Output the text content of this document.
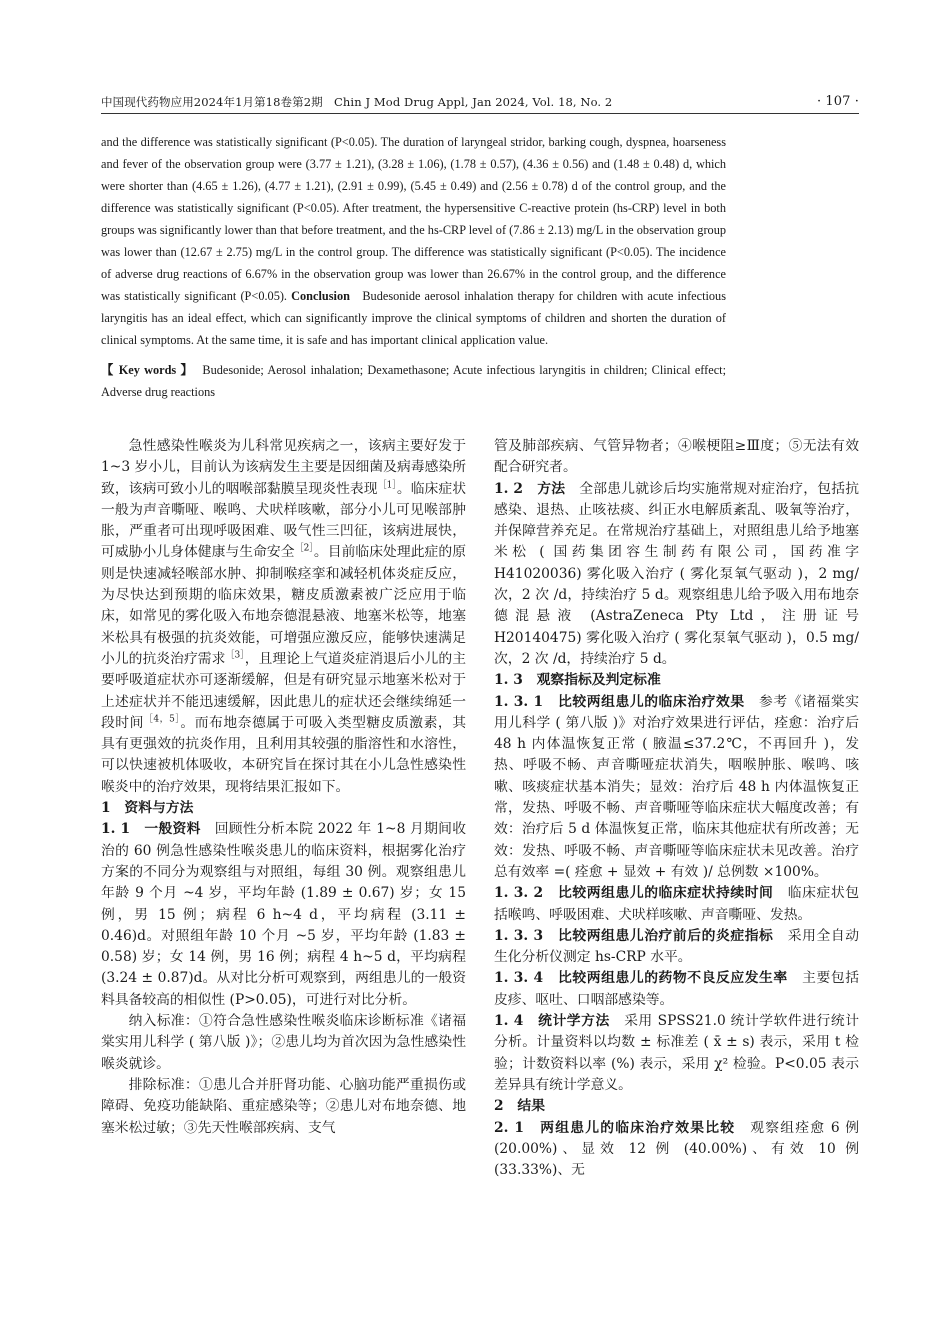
中国现代药物应用2024年1月第18卷第2期 Chin J Mod Drug Appl, Jan 2024, Vol. 18, No. 2	· 107 ·

and the difference was statistically significant (P<0.05). The duration of laryngeal stridor, barking cough, dyspnea, hoarseness and fever of the observation group were (3.77 ± 1.21), (3.28 ± 1.06), (1.78 ± 0.57), (4.36 ± 0.56) and (1.48 ± 0.48) d, which were shorter than (4.65 ± 1.26), (4.77 ± 1.21), (2.91 ± 0.99), (5.45 ± 0.49) and (2.56 ± 0.78) d of the control group, and the difference was statistically significant (P<0.05). After treatment, the hypersensitive C-reactive protein (hs-CRP) level in both groups was significantly lower than that before treatment, and the hs-CRP level of (7.86 ± 2.13) mg/L in the observation group was lower than (12.67 ± 2.75) mg/L in the control group. The difference was statistically significant (P<0.05). The incidence of adverse drug reactions of 6.67% in the observation group was lower than 26.67% in the control group, and the difference was statistically significant (P<0.05). Conclusion Budesonide aerosol inhalation therapy for children with acute infectious laryngitis has an ideal effect, which can significantly improve the clinical symptoms of children and shorten the duration of clinical symptoms. At the same time, it is safe and has important clinical application value.

【 Key words 】 Budesonide; Aerosol inhalation; Dexamethasone; Acute infectious laryngitis in children; Clinical effect; Adverse drug reactions

急性感染性喉炎为儿科常见疾病之一，该病主要好发于 1~3 岁小儿，目前认为该病发生主要是因细菌及病毒感染所致，该病可致小儿的咽喉部黏膜呈现炎性表现$^{[1]}$。临床症状一般为声音嘶哑、喉鸣、犬吠样咳嗽，部分小儿可见喉部肿胀，严重者可出现呼吸困难、吸气性三凹征，该病进展快，可威胁小儿身体健康与生命安全$^{[2]}$。目前临床处理此症的原则是快速减轻喉部水肿、抑制喉痉挛和减轻机体炎症反应，为尽快达到预期的临床效果，糖皮质激素被广泛应用于临床，如常见的雾化吸入布地奈德混悬液、地塞米松等，地塞米松具有极强的抗炎效能，可增强应激反应，能够快速满足小儿的抗炎治疗需求$^{[3]}$，且理论上气道炎症消退后小儿的主要呼吸道症状亦可逐渐缓解，但是有研究显示地塞米松对于上述症状并不能迅速缓解，因此患儿的症状还会继续绵延一段时间$^{[4,5]}$。而布地奈德属于可吸入类型糖皮质激素，其具有更强效的抗炎作用，且利用其较强的脂溶性和水溶性，可以快速被机体吸收，本研究旨在探讨其在小儿急性感染性喉炎中的治疗效果，现将结果汇报如下。

1　资料与方法

1. 1　一般资料　回顾性分析本院 2022 年 1~8 月期间收治的 60 例急性感染性喉炎患儿的临床资料，根据雾化治疗方案的不同分为观察组与对照组，每组 30 例。观察组患儿年龄 9 个月 ~4 岁，平均年龄 (1.89 ± 0.67) 岁；女 15 例，男 15 例；病程 6 h~4 d，平均病程 (3.11 ± 0.46)d。对照组年龄 10 个月 ~5 岁，平均年龄 (1.83 ± 0.58) 岁；女 14 例，男 16 例；病程 4 h~5 d，平均病程 (3.24 ± 0.87)d。从对比分析可观察到，两组患儿的一般资料具备较高的相似性 (P>0.05)，可进行对比分析。

纳入标准：①符合急性感染性喉炎临床诊断标准《诸福棠实用儿科学 ( 第八版 )》；②患儿均为首次因为急性感染性喉炎就诊。

排除标准：①患儿合并肝肾功能、心脑功能严重损伤或障碍、免疫功能缺陷、重症感染等；②患儿对布地奈德、地塞米松过敏；③先天性喉部疾病、支气

管及肺部疾病、气管异物者；④喉梗阻≥Ⅲ度；⑤无法有效配合研究者。

1. 2　方法　全部患儿就诊后均实施常规对症治疗，包括抗感染、退热、止咳祛痰、纠正水电解质紊乱、吸氧等治疗，并保障营养充足。在常规治疗基础上，对照组患儿给予地塞米松 ( 国药集团容生制药有限公司，国药准字 H41020036) 雾化吸入治疗 ( 雾化泵氧气驱动 )，2 mg/ 次，2 次 /d，持续治疗 5 d。观察组患儿给予吸入用布地奈德混悬液 (AstraZeneca Pty Ltd，注册证号 H20140475) 雾化吸入治疗 ( 雾化泵氧气驱动 )，0.5 mg/ 次，2 次 /d，持续治疗 5 d。

1. 3　观察指标及判定标准

1. 3. 1　比较两组患儿的临床治疗效果　参考《诸福棠实用儿科学 ( 第八版 )》对治疗效果进行评估，痊愈：治疗后 48 h 内体温恢复正常 ( 腋温≤37.2℃，不再回升 )，发热、呼吸不畅、声音嘶哑症状消失，咽喉肿胀、喉鸣、咳嗽、咳痰症状基本消失；显效：治疗后 48 h 内体温恢复正常，发热、呼吸不畅、声音嘶哑等临床症状大幅度改善；有效：治疗后 5 d 体温恢复正常，临床其他症状有所改善；无效：发热、呼吸不畅、声音嘶哑等临床症状未见改善。治疗总有效率 =( 痊愈 + 显效 + 有效 )/ 总例数 ×100%。

1. 3. 2　比较两组患儿的临床症状持续时间　临床症状包括喉鸣、呼吸困难、犬吠样咳嗽、声音嘶哑、发热。

1. 3. 3　比较两组患儿治疗前后的炎症指标　采用全自动生化分析仪测定 hs-CRP 水平。

1. 3. 4　比较两组患儿的药物不良反应发生率　主要包括皮疹、呕吐、口咽部感染等。

1. 4　统计学方法　采用 SPSS21.0 统计学软件进行统计分析。计量资料以均数 ± 标准差 ( x̄ ± s) 表示，采用 t 检验；计数资料以率 (%) 表示，采用 χ² 检验。P<0.05 表示差异具有统计学意义。

2　结果

2. 1　两组患儿的临床治疗效果比较　观察组痊愈 6 例 (20.00%)、显效 12 例 (40.00%)、有效 10 例 (33.33%)、无
